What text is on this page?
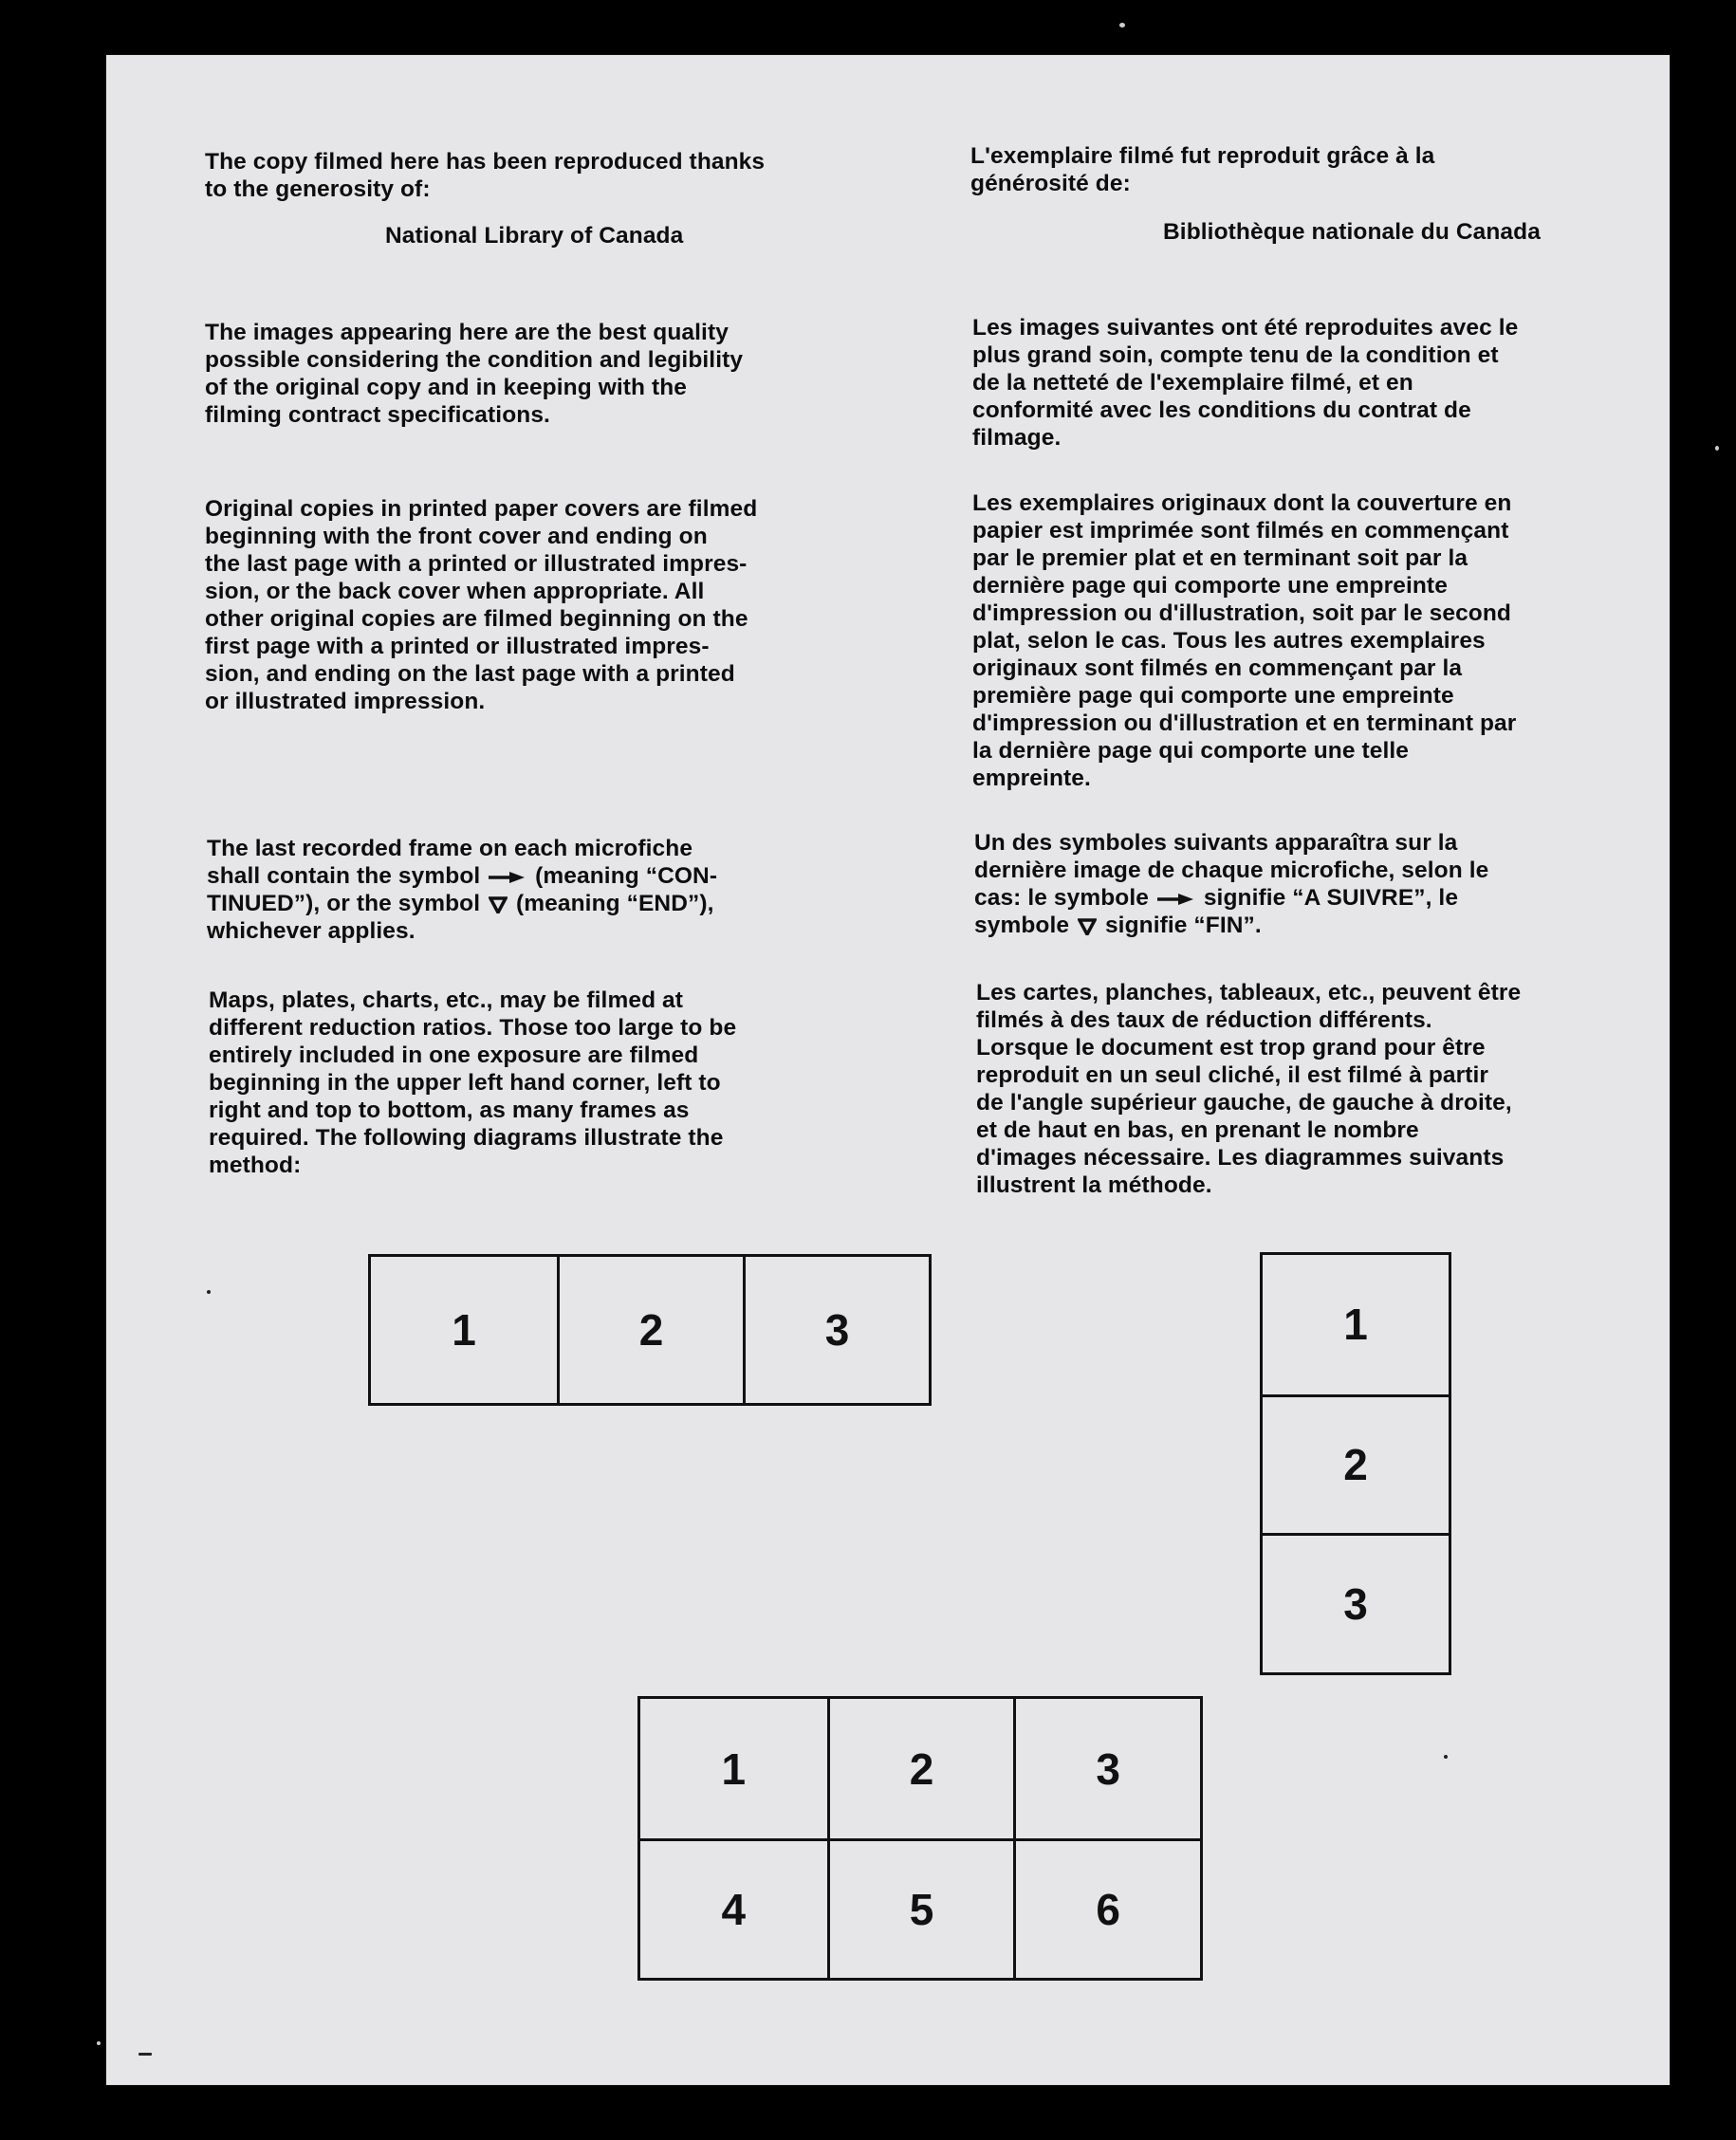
The copy filmed here has been reproduced thanks
to the generosity of:

National Library of Canada

The images appearing here are the best quality
possible considering the condition and legibility
of the original copy and in keeping with the
filming contract specifications.

Original copies in printed paper covers are filmed
beginning with the front cover and ending on
the last page with a printed or illustrated impres-
sion, or the back cover when appropriate. All
other original copies are filmed beginning on the
first page with a printed or illustrated impres-
sion, and ending on the last page with a printed
or illustrated impression.

The last recorded frame on each microfiche
shall contain the symbol (meaning “CON-
TINUED”), or the symbol (meaning “END”),
whichever applies.

Maps, plates, charts, etc., may be filmed at
different reduction ratios. Those too large to be
entirely included in one exposure are filmed
beginning in the upper left hand corner, left to
right and top to bottom, as many frames as
required. The following diagrams illustrate the
method:

L'exemplaire filmé fut reproduit grâce à la
générosité de:

Bibliothèque nationale du Canada

Les images suivantes ont été reproduites avec le
plus grand soin, compte tenu de la condition et
de la netteté de l'exemplaire filmé, et en
conformité avec les conditions du contrat de
filmage.

Les exemplaires originaux dont la couverture en
papier est imprimée sont filmés en commençant
par le premier plat et en terminant soit par la
dernière page qui comporte une empreinte
d'impression ou d'illustration, soit par le second
plat, selon le cas. Tous les autres exemplaires
originaux sont filmés en commençant par la
première page qui comporte une empreinte
d'impression ou d'illustration et en terminant par
la dernière page qui comporte une telle
empreinte.

Un des symboles suivants apparaîtra sur la
dernière image de chaque microfiche, selon le
cas: le symbole signifie “A SUIVRE”, le
symbole signifie “FIN”.

Les cartes, planches, tableaux, etc., peuvent être
filmés à des taux de réduction différents.
Lorsque le document est trop grand pour être
reproduit en un seul cliché, il est filmé à partir
de l'angle supérieur gauche, de gauche à droite,
et de haut en bas, en prenant le nombre
d'images nécessaire. Les diagrammes suivants
illustrent la méthode.

1	2	3	1
2
3
1	2	3
4	5	6
